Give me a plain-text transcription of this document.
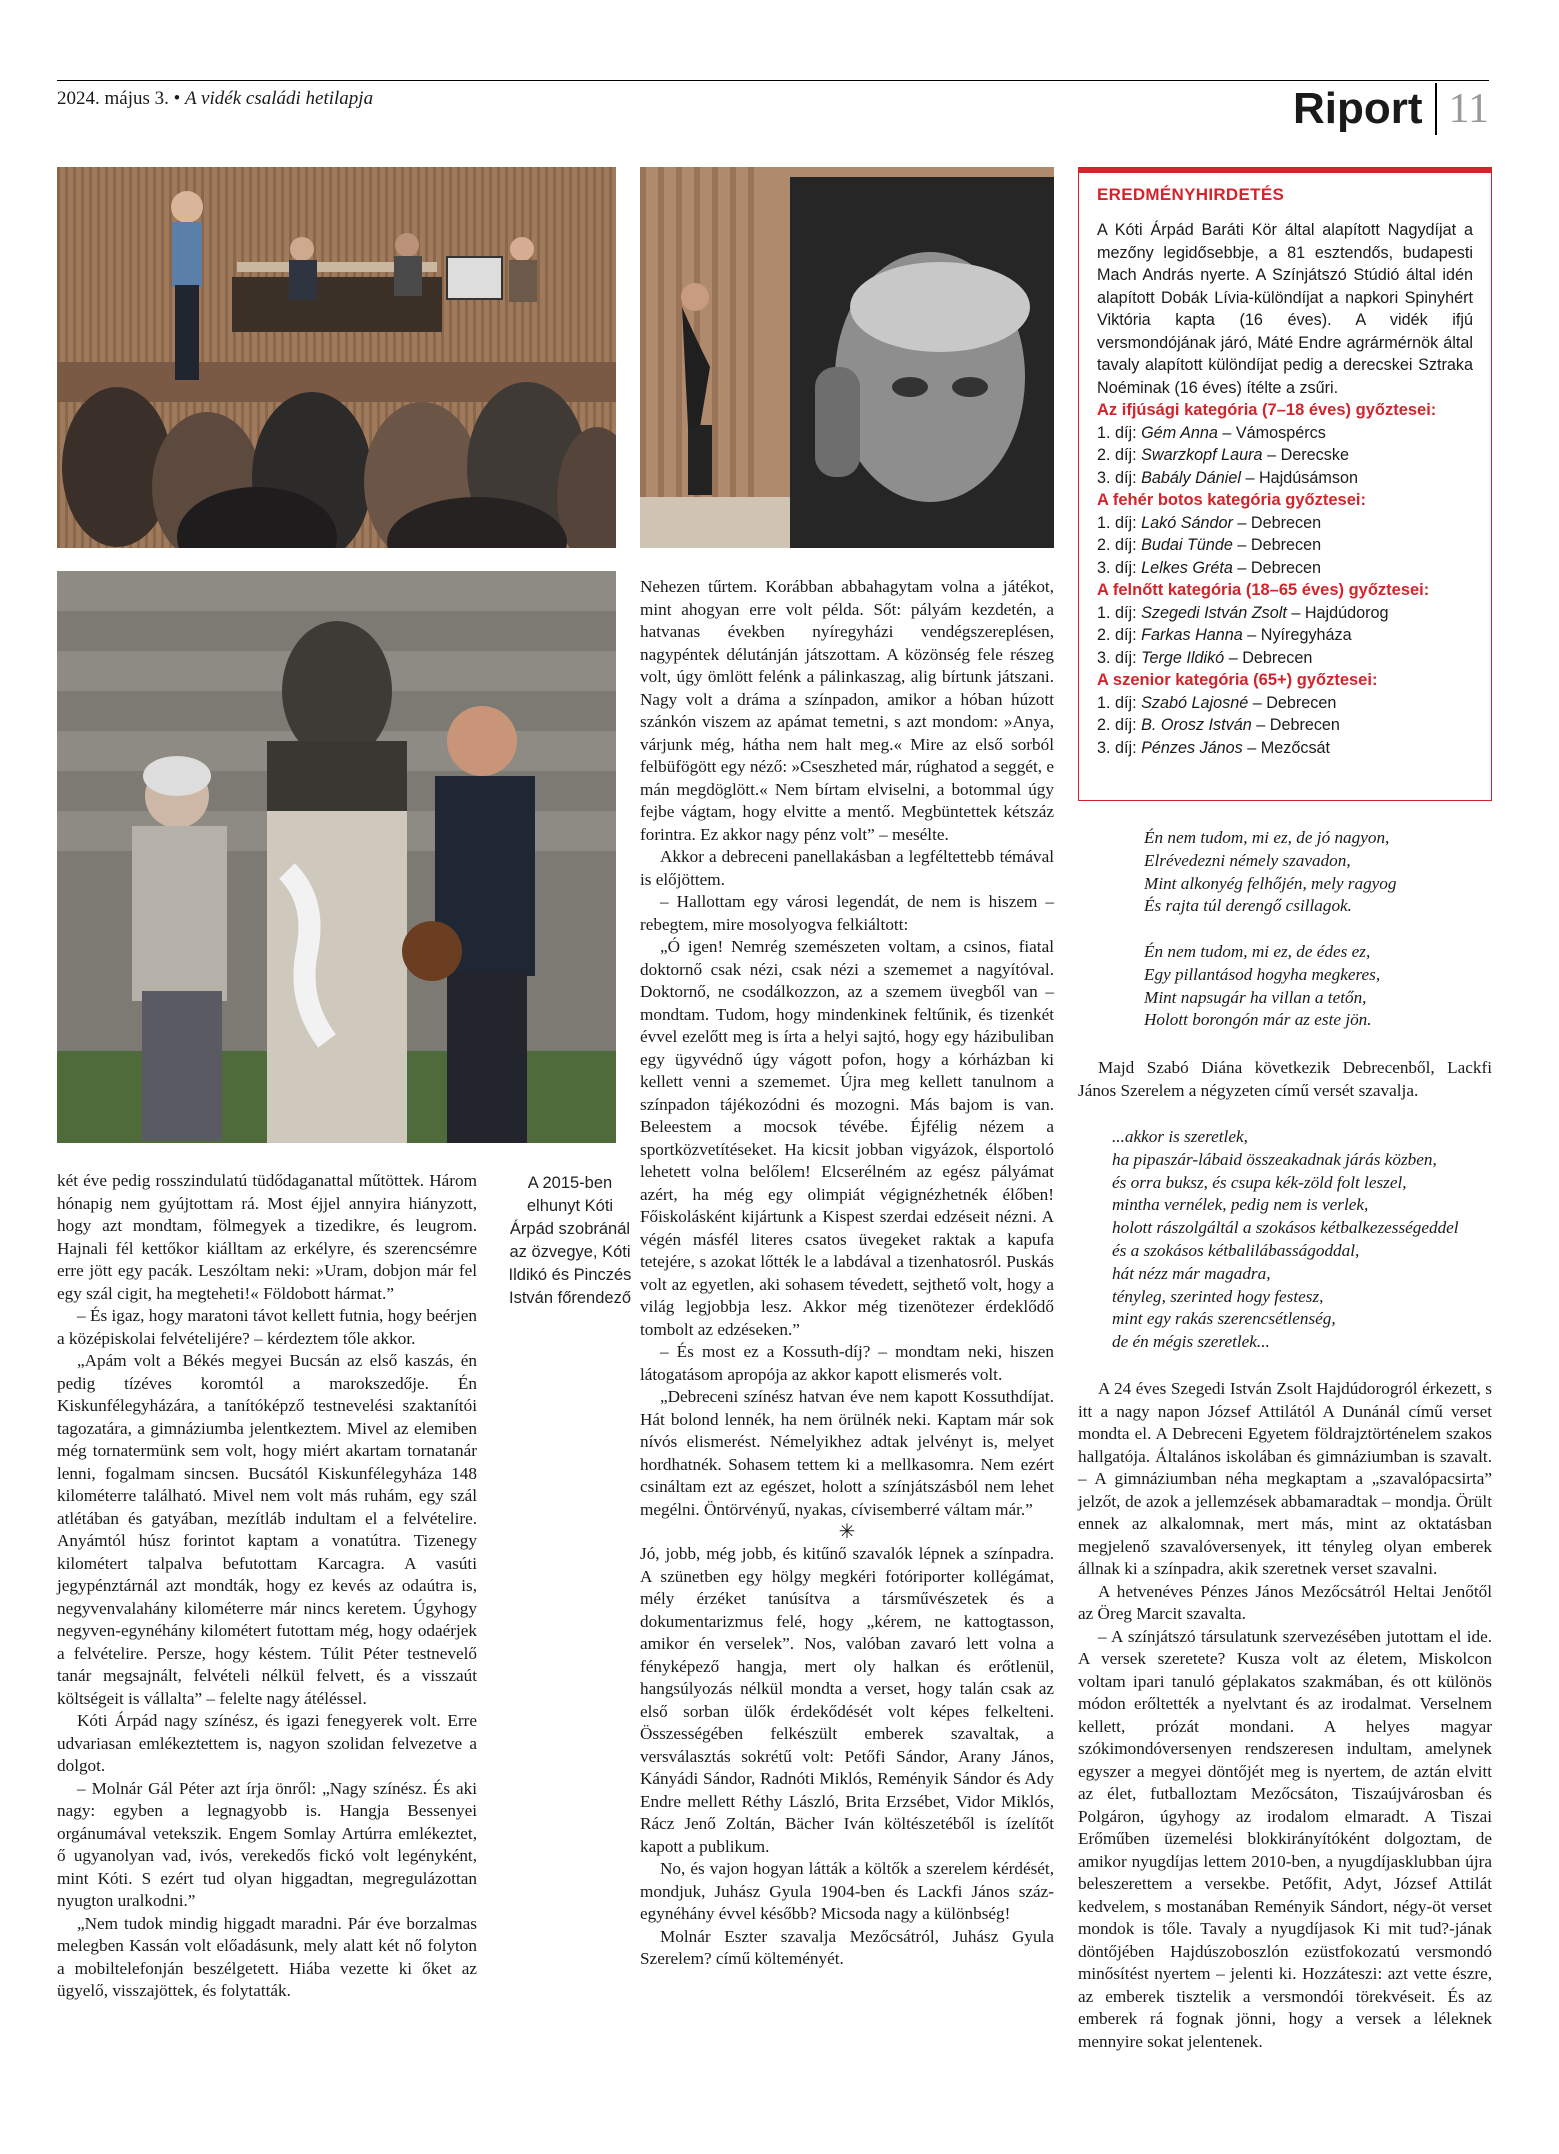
2024. május 3. • A vidék családi hetilapja	Riport 11
A 2015-ben elhunyt Kóti Árpád szobránál az özvegye, Kóti Ildikó és Pinczés István főrendező

két éve pedig rosszindulatú tüdődaganattal műtöttek. Három hónapig nem gyújtottam rá. Most éjjel annyira hiányzott, hogy azt mondtam, fölmegyek a tizedikre, és leugrom. Hajnali fél kettőkor kiálltam az erkélyre, és szerencsémre erre jött egy pacák. Leszóltam neki: »Uram, dobjon már fel egy szál cigit, ha megteheti!« Földobott hármat.”

– És igaz, hogy maratoni távot kellett futnia, hogy beérjen a középiskolai felvételijére? – kérdeztem tőle akkor.

„Apám volt a Békés megyei Bucsán az első kaszás, én pedig tízéves koromtól a marokszedője. Én Kiskunfélegyházára, a tanítóképző testnevelési szaktanítói tagozatára, a gimnáziumba jelentkeztem. Mivel az elemiben még tornatermünk sem volt, hogy miért akartam tornatanár lenni, fogalmam sincsen. Bucsától Kiskunfélegyháza 148 kilométerre található. Mivel nem volt más ruhám, egy szál atlétában és gatyában, mezítláb indultam el a felvételire. Anyámtól húsz forintot kaptam a vonatútra. Tizenegy kilométert talpalva befutottam Karcagra. A vasúti jegypénztárnál azt mondták, hogy ez kevés az odaútra is, negyvenvalahány kilométerre már nincs keretem. Úgyhogy negyven-egynéhány kilométert futottam még, hogy odaérjek a felvételire. Persze, hogy késtem. Túlit Péter testnevelő tanár megsajnált, felvételi nélkül felvett, és a visszaút költségeit is vállalta” – felelte nagy átéléssel.

Kóti Árpád nagy színész, és igazi fenegyerek volt. Erre udvariasan emlékeztettem is, nagyon szolidan felvezetve a dolgot.

– Molnár Gál Péter azt írja önről: „Nagy színész. És aki nagy: egyben a legnagyobb is. Hangja Bessenyei orgánumával vetekszik. Engem Somlay Artúrra emlékeztet, ő ugyanolyan vad, ivós, verekedős fickó volt legényként, mint Kóti. S ezért tud olyan higgadtan, megregulázottan nyugton uralkodni.”

„Nem tudok mindig higgadt maradni. Pár éve borzalmas melegben Kassán volt előadásunk, mely alatt két nő folyton a mobiltelefonján beszélgetett. Hiába vezette ki őket az ügyelő, visszajöttek, és folytatták.

Nehezen tűrtem. Korábban abbahagytam volna a játékot, mint ahogyan erre volt példa. Sőt: pályám kezdetén, a hatvanas években nyíregyházi vendégszereplésen, nagypéntek délutánján játszottam. A közönség fele részeg volt, úgy ömlött felénk a pálinkaszag, alig bírtunk játszani. Nagy volt a dráma a színpadon, amikor a hóban húzott szánkón viszem az apámat temetni, s azt mondom: »Anya, várjunk még, hátha nem halt meg.« Mire az első sorból felbüfögött egy néző: »Cseszheted már, rúghatod a seggét, e mán megdöglött.« Nem bírtam elviselni, a botommal úgy fejbe vágtam, hogy elvitte a mentő. Megbüntettek kétszáz forintra. Ez akkor nagy pénz volt” – mesélte.

Akkor a debreceni panellakásban a legféltettebb témával is előjöttem.

– Hallottam egy városi legendát, de nem is hiszem – rebegtem, mire mosolyogva felkiáltott:

„Ó igen! Nemrég szemészeten voltam, a csinos, fiatal doktornő csak nézi, csak nézi a szememet a nagyítóval. Doktornő, ne csodálkozzon, az a szemem üvegből van – mondtam. Tudom, hogy mindenkinek feltűnik, és tizenkét évvel ezelőtt meg is írta a helyi sajtó, hogy egy házibuliban egy ügyvédnő úgy vágott pofon, hogy a kórházban ki kellett venni a szememet. Újra meg kellett tanulnom a színpadon tájékozódni és mozogni. Más bajom is van. Beleestem a mocsok tévébe. Éjfélig nézem a sportközvetítéseket. Ha kicsit jobban vigyázok, élsportoló lehetett volna belőlem! Elcserélném az egész pályámat azért, ha még egy olimpiát végignézhetnék élőben! Főiskolásként kijártunk a Kispest szerdai edzéseit nézni. A végén másfél literes csatos üvegeket raktak a kapufa tetejére, s azokat lőtték le a labdával a tizenhatosról. Puskás volt az egyetlen, aki sohasem tévedett, sejthető volt, hogy a világ legjobbja lesz. Akkor még tizenötezer érdeklődő tombolt az edzéseken.”

– És most ez a Kossuth-díj? – mondtam neki, hiszen látogatásom apropója az akkor kapott elismerés volt.

„Debreceni színész hatvan éve nem kapott Kossuthdíjat. Hát bolond lennék, ha nem örülnék neki. Kaptam már sok nívós elismerést. Némelyikhez adtak jelvényt is, melyet hordhatnék. Sohasem tettem ki a mellkasomra. Nem ezért csináltam ezt az egészet, holott a színjátszásból nem lehet megélni. Öntörvényű, nyakas, cívisemberré váltam már.”

✳

Jó, jobb, még jobb, és kitűnő szavalók lépnek a színpadra. A szünetben egy hölgy megkéri fotóriporter kollégámat, mély érzéket tanúsítva a társművészetek és a dokumentarizmus felé, hogy „kérem, ne kattogtasson, amikor én verselek”. Nos, valóban zavaró lett volna a fényképező hangja, mert oly halkan és erőtlenül, hangsúlyozás nélkül mondta a verset, hogy talán csak az első sorban ülők érdekődését volt képes felkelteni. Összességében felkészült emberek szavaltak, a versválasztás sokrétű volt: Petőfi Sándor, Arany János, Kányádi Sándor, Radnóti Miklós, Reményik Sándor és Ady Endre mellett Réthy László, Brita Erzsébet, Vidor Miklós, Rácz Jenő Zoltán, Bächer Iván költészetéből is ízelítőt kapott a publikum.

No, és vajon hogyan látták a költők a szerelem kérdését, mondjuk, Juhász Gyula 1904-ben és Lackfi János száz-egynéhány évvel később? Micsoda nagy a különbség!

Molnár Eszter szavalja Mezőcsátról, Juhász Gyula Szerelem? című költeményét.

EREDMÉNYHIRDETÉS
A Kóti Árpád Baráti Kör által alapított Nagydíjat a mezőny legidősebbje, a 81 esztendős, budapesti Mach András nyerte. A Színjátszó Stúdió által idén alapított Dobák Lívia-különdíjat a napkori Spinyhért Viktória kapta (16 éves). A vidék ifjú versmondójának járó, Máté Endre agrármérnök által tavaly alapított különdíjat pedig a derecskei Sztraka Noéminak (16 éves) ítélte a zsűri.
Az ifjúsági kategória (7–18 éves) győztesei:
1. díj: Gém Anna – Vámospércs
2. díj: Swarzkopf Laura – Derecske
3. díj: Babály Dániel – Hajdúsámson
A fehér botos kategória győztesei:
1. díj: Lakó Sándor – Debrecen
2. díj: Budai Tünde – Debrecen
3. díj: Lelkes Gréta – Debrecen
A felnőtt kategória (18–65 éves) győztesei:
1. díj: Szegedi István Zsolt – Hajdúdorog
2. díj: Farkas Hanna – Nyíregyháza
3. díj: Terge Ildikó – Debrecen
A szenior kategória (65+) győztesei:
1. díj: Szabó Lajosné – Debrecen
2. díj: B. Orosz István – Debrecen
3. díj: Pénzes János – Mezőcsát
Én nem tudom, mi ez, de jó nagyon,
Elrévedezni némely szavadon,
Mint alkonyég felhőjén, mely ragyog
És rajta túl derengő csillagok.
Én nem tudom, mi ez, de édes ez,
Egy pillantásod hogyha megkeres,
Mint napsugár ha villan a tetőn,
Holott borongón már az este jön.

Majd Szabó Diána következik Debrecenből, Lackfi János Szerelem a négyzeten című versét szavalja.

...akkor is szeretlek,
ha pipaszár-lábaid összeakadnak járás közben,
és orra buksz, és csupa kék-zöld folt leszel,
mintha vernélek, pedig nem is verlek,
holott rászolgáltál a szokásos kétbalkezességeddel
és a szokásos kétbalilábasságoddal,
hát nézz már magadra,
tényleg, szerinted hogy festesz,
mint egy rakás szerencsétlenség,
de én mégis szeretlek...

A 24 éves Szegedi István Zsolt Hajdúdorogról érkezett, s itt a nagy napon József Attilától A Dunánál című verset mondta el. A Debreceni Egyetem földrajztörténelem szakos hallgatója. Általános iskolában és gimnáziumban is szavalt. – A gimnáziumban néha megkaptam a „szavalópacsirta” jelzőt, de azok a jellemzések abbamaradtak – mondja. Örült ennek az alkalomnak, mert más, mint az oktatásban megjelenő szavalóversenyek, itt tényleg olyan emberek állnak ki a színpadra, akik szeretnek verset szavalni.

A hetvenéves Pénzes János Mezőcsátról Heltai Jenőtől az Öreg Marcit szavalta.

– A színjátszó társulatunk szervezésében jutottam el ide. A versek szeretete? Kusza volt az életem, Miskolcon voltam ipari tanuló géplakatos szakmában, és ott különös módon erőltették a nyelvtant és az irodalmat. Verselnem kellett, prózát mondani. A helyes magyar szókimondóversenyen rendszeresen indultam, amelynek egyszer a megyei döntőjét meg is nyertem, de aztán elvitt az élet, futballoztam Mezőcsáton, Tiszaújvárosban és Polgáron, úgyhogy az irodalom elmaradt. A Tiszai Erőműben üzemelési blokkirányítóként dolgoztam, de amikor nyugdíjas lettem 2010-ben, a nyugdíjasklubban újra beleszerettem a versekbe. Petőfit, Adyt, József Attilát kedvelem, s mostanában Reményik Sándort, négy-öt verset mondok is tőle. Tavaly a nyugdíjasok Ki mit tud?-jának döntőjében Hajdúszoboszlón ezüstfokozatú versmondó minősítést nyertem – jelenti ki. Hozzáteszi: azt vette észre, az emberek tisztelik a versmondói törekvéseit. És az emberek rá fognak jönni, hogy a versek a léleknek mennyire sokat jelentenek.
